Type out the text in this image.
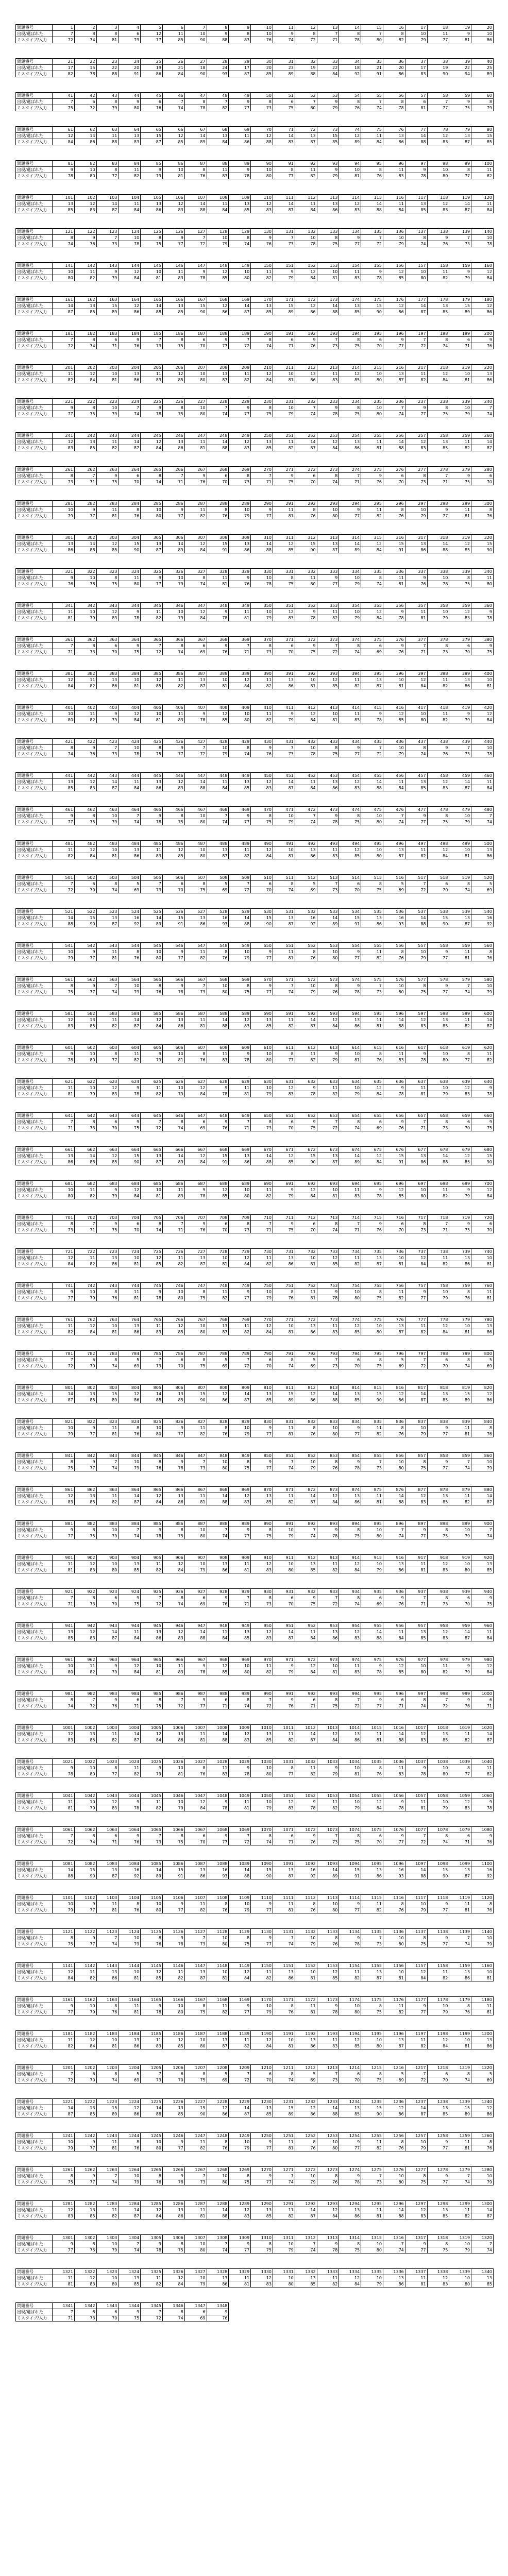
問題番号	1	2	3	4	5	6	7	8	9	10	11	12	13	14	15	16	17	18	19	20
出現/選ばれた	7	8	8	6	12	11	10	9	8	10	9	8	7	8	7	8	10	11	9	10
ミスタイプ/入力	72	74	81	79	77	85	90	88	83	76	74	72	71	78	80	82	79	77	81	86
問題番号	21	22	23	24	25	26	27	28	29	30	31	32	33	34	35	36	37	38	39	40
出現/選ばれた	17	15	22	20	19	21	18	24	17	20	23	19	22	18	21	20	17	19	22	25
ミスタイプ/入力	82	78	88	91	86	84	90	93	87	85	89	88	84	92	91	86	83	90	94	89
問題番号	41	42	43	44	45	46	47	48	49	50	51	52	53	54	55	56	57	58	59	60
出現/選ばれた	7	6	8	9	6	7	8	7	9	8	6	7	9	8	7	8	6	7	9	8
ミスタイプ/入力	75	72	79	80	76	74	78	82	77	73	75	80	79	76	74	78	81	77	75	79
問題番号	61	62	63	64	65	66	67	68	69	70	71	72	73	74	75	76	77	78	79	80
出現/選ばれた	12	14	11	13	15	12	14	13	11	12	14	13	15	12	11	13	14	12	13	15
ミスタイプ/入力	84	86	88	83	87	85	89	84	86	88	83	87	85	89	84	86	88	83	87	85
問題番号	81	82	83	84	85	86	87	88	89	90	91	92	93	94	95	96	97	98	99	100
出現/選ばれた	9	10	8	11	9	10	8	11	9	10	8	11	9	10	8	11	9	10	8	11
ミスタイプ/入力	78	80	77	82	79	81	76	83	78	80	77	82	79	81	76	83	78	80	77	82
問題番号	101	102	103	104	105	106	107	108	109	110	111	112	113	114	115	116	117	118	119	120
出現/選ばれた	13	12	14	11	13	12	14	11	13	12	14	11	13	12	14	11	13	12	14	11
ミスタイプ/入力	85	83	87	84	86	83	88	84	85	83	87	84	86	83	88	84	85	83	87	84
問題番号	121	122	123	124	125	126	127	128	129	130	131	132	133	134	135	136	137	138	139	140
出現/選ばれた	8	9	7	10	8	9	7	10	8	9	7	10	8	9	7	10	8	9	7	10
ミスタイプ/入力	74	76	73	78	75	77	72	79	74	76	73	78	75	77	72	79	74	76	73	78
問題番号	141	142	143	144	145	146	147	148	149	150	151	152	153	154	155	156	157	158	159	160
出現/選ばれた	10	11	9	12	10	11	9	12	10	11	9	12	10	11	9	12	10	11	9	12
ミスタイプ/入力	80	82	79	84	81	83	78	85	80	82	79	84	81	83	78	85	80	82	79	84
問題番号	161	162	163	164	165	166	167	168	169	170	171	172	173	174	175	176	177	178	179	180
出現/選ばれた	14	13	15	12	14	13	15	12	14	13	15	12	14	13	15	12	14	13	15	12
ミスタイプ/入力	87	85	89	86	88	85	90	86	87	85	89	86	88	85	90	86	87	85	89	86
問題番号	181	182	183	184	185	186	187	188	189	190	191	192	193	194	195	196	197	198	199	200
出現/選ばれた	7	8	6	9	7	8	6	9	7	8	6	9	7	8	6	9	7	8	6	9
ミスタイプ/入力	72	74	71	76	73	75	70	77	72	74	71	76	73	75	70	77	72	74	71	76
問題番号	201	202	203	204	205	206	207	208	209	210	211	212	213	214	215	216	217	218	219	220
出現/選ばれた	11	12	10	13	11	12	10	13	11	12	10	13	11	12	10	13	11	12	10	13
ミスタイプ/入力	82	84	81	86	83	85	80	87	82	84	81	86	83	85	80	87	82	84	81	86
問題番号	221	222	223	224	225	226	227	228	229	230	231	232	233	234	235	236	237	238	239	240
出現/選ばれた	9	8	10	7	9	8	10	7	9	8	10	7	9	8	10	7	9	8	10	7
ミスタイプ/入力	77	75	79	74	78	75	80	74	77	75	79	74	78	75	80	74	77	75	79	74
問題番号	241	242	243	244	245	246	247	248	249	250	251	252	253	254	255	256	257	258	259	260
出現/選ばれた	12	13	11	14	12	13	11	14	12	13	11	14	12	13	11	14	12	13	11	14
ミスタイプ/入力	83	85	82	87	84	86	81	88	83	85	82	87	84	86	81	88	83	85	82	87
問題番号	261	262	263	264	265	266	267	268	269	270	271	272	273	274	275	276	277	278	279	280
出現/選ばれた	8	7	9	6	8	7	9	6	8	7	9	6	8	7	9	6	8	7	9	6
ミスタイプ/入力	73	71	75	70	74	71	76	70	73	71	75	70	74	71	76	70	73	71	75	70
問題番号	281	282	283	284	285	286	287	288	289	290	291	292	293	294	295	296	297	298	299	300
出現/選ばれた	10	9	11	8	10	9	11	8	10	9	11	8	10	9	11	8	10	9	11	8
ミスタイプ/入力	79	77	81	76	80	77	82	76	79	77	81	76	80	77	82	76	79	77	81	76
問題番号	301	302	303	304	305	306	307	308	309	310	311	312	313	314	315	316	317	318	319	320
出現/選ばれた	13	14	12	15	13	14	12	15	13	14	12	15	13	14	12	15	13	14	12	15
ミスタイプ/入力	86	88	85	90	87	89	84	91	86	88	85	90	87	89	84	91	86	88	85	90
問題番号	321	322	323	324	325	326	327	328	329	330	331	332	333	334	335	336	337	338	339	340
出現/選ばれた	9	10	8	11	9	10	8	11	9	10	8	11	9	10	8	11	9	10	8	11
ミスタイプ/入力	76	78	75	80	77	79	74	81	76	78	75	80	77	79	74	81	76	78	75	80
問題番号	341	342	343	344	345	346	347	348	349	350	351	352	353	354	355	356	357	358	359	360
出現/選ばれた	11	10	12	9	11	10	12	9	11	10	12	9	11	10	12	9	11	10	12	9
ミスタイプ/入力	81	79	83	78	82	79	84	78	81	79	83	78	82	79	84	78	81	79	83	78
問題番号	361	362	363	364	365	366	367	368	369	370	371	372	373	374	375	376	377	378	379	380
出現/選ばれた	7	8	6	9	7	8	6	9	7	8	6	9	7	8	6	9	7	8	6	9
ミスタイプ/入力	71	73	70	75	72	74	69	76	71	73	70	75	72	74	69	76	71	73	70	75
問題番号	381	382	383	384	385	386	387	388	389	390	391	392	393	394	395	396	397	398	399	400
出現/選ばれた	12	11	13	10	12	11	13	10	12	11	13	10	12	11	13	10	12	11	13	10
ミスタイプ/入力	84	82	86	81	85	82	87	81	84	82	86	81	85	82	87	81	84	82	86	81
問題番号	401	402	403	404	405	406	407	408	409	410	411	412	413	414	415	416	417	418	419	420
出現/選ばれた	10	11	9	12	10	11	9	12	10	11	9	12	10	11	9	12	10	11	9	12
ミスタイプ/入力	80	82	79	84	81	83	78	85	80	82	79	84	81	83	78	85	80	82	79	84
問題番号	421	422	423	424	425	426	427	428	429	430	431	432	433	434	435	436	437	438	439	440
出現/選ばれた	8	9	7	10	8	9	7	10	8	9	7	10	8	9	7	10	8	9	7	10
ミスタイプ/入力	74	76	73	78	75	77	72	79	74	76	73	78	75	77	72	79	74	76	73	78
問題番号	441	442	443	444	445	446	447	448	449	450	451	452	453	454	455	456	457	458	459	460
出現/選ばれた	13	12	14	11	13	12	14	11	13	12	14	11	13	12	14	11	13	12	14	11
ミスタイプ/入力	85	83	87	84	86	83	88	84	85	83	87	84	86	83	88	84	85	83	87	84
問題番号	461	462	463	464	465	466	467	468	469	470	471	472	473	474	475	476	477	478	479	480
出現/選ばれた	9	8	10	7	9	8	10	7	9	8	10	7	9	8	10	7	9	8	10	7
ミスタイプ/入力	77	75	79	74	78	75	80	74	77	75	79	74	78	75	80	74	77	75	79	74
問題番号	481	482	483	484	485	486	487	488	489	490	491	492	493	494	495	496	497	498	499	500
出現/選ばれた	11	12	10	13	11	12	10	13	11	12	10	13	11	12	10	13	11	12	10	13
ミスタイプ/入力	82	84	81	86	83	85	80	87	82	84	81	86	83	85	80	87	82	84	81	86
問題番号	501	502	503	504	505	506	507	508	509	510	511	512	513	514	515	516	517	518	519	520
出現/選ばれた	7	6	8	5	7	6	8	5	7	6	8	5	7	6	8	5	7	6	8	5
ミスタイプ/入力	72	70	74	69	73	70	75	69	72	70	74	69	73	70	75	69	72	70	74	69
問題番号	521	522	523	524	525	526	527	528	529	530	531	532	533	534	535	536	537	538	539	540
出現/選ばれた	14	15	13	16	14	15	13	16	14	15	13	16	14	15	13	16	14	15	13	16
ミスタイプ/入力	88	90	87	92	89	91	86	93	88	90	87	92	89	91	86	93	88	90	87	92
問題番号	541	542	543	544	545	546	547	548	549	550	551	552	553	554	555	556	557	558	559	560
出現/選ばれた	10	9	11	8	10	9	11	8	10	9	11	8	10	9	11	8	10	9	11	8
ミスタイプ/入力	79	77	81	76	80	77	82	76	79	77	81	76	80	77	82	76	79	77	81	76
問題番号	561	562	563	564	565	566	567	568	569	570	571	572	573	574	575	576	577	578	579	580
出現/選ばれた	8	9	7	10	8	9	7	10	8	9	7	10	8	9	7	10	8	9	7	10
ミスタイプ/入力	75	77	74	79	76	78	73	80	75	77	74	79	76	78	73	80	75	77	74	79
問題番号	581	582	583	584	585	586	587	588	589	590	591	592	593	594	595	596	597	598	599	600
出現/選ばれた	12	13	11	14	12	13	11	14	12	13	11	14	12	13	11	14	12	13	11	14
ミスタイプ/入力	83	85	82	87	84	86	81	88	83	85	82	87	84	86	81	88	83	85	82	87
問題番号	601	602	603	604	605	606	607	608	609	610	611	612	613	614	615	616	617	618	619	620
出現/選ばれた	9	10	8	11	9	10	8	11	9	10	8	11	9	10	8	11	9	10	8	11
ミスタイプ/入力	78	80	77	82	79	81	76	83	78	80	77	82	79	81	76	83	78	80	77	82
問題番号	621	622	623	624	625	626	627	628	629	630	631	632	633	634	635	636	637	638	639	640
出現/選ばれた	11	10	12	9	11	10	12	9	11	10	12	9	11	10	12	9	11	10	12	9
ミスタイプ/入力	81	79	83	78	82	79	84	78	81	79	83	78	82	79	84	78	81	79	83	78
問題番号	641	642	643	644	645	646	647	648	649	650	651	652	653	654	655	656	657	658	659	660
出現/選ばれた	7	8	6	9	7	8	6	9	7	8	6	9	7	8	6	9	7	8	6	9
ミスタイプ/入力	71	73	70	75	72	74	69	76	71	73	70	75	72	74	69	76	71	73	70	75
問題番号	661	662	663	664	665	666	667	668	669	670	671	672	673	674	675	676	677	678	679	680
出現/選ばれた	13	14	12	15	13	14	12	15	13	14	12	15	13	14	12	15	13	14	12	15
ミスタイプ/入力	86	88	85	90	87	89	84	91	86	88	85	90	87	89	84	91	86	88	85	90
問題番号	681	682	683	684	685	686	687	688	689	690	691	692	693	694	695	696	697	698	699	700
出現/選ばれた	10	11	9	12	10	11	9	12	10	11	9	12	10	11	9	12	10	11	9	12
ミスタイプ/入力	80	82	79	84	81	83	78	85	80	82	79	84	81	83	78	85	80	82	79	84
問題番号	701	702	703	704	705	706	707	708	709	710	711	712	713	714	715	716	717	718	719	720
出現/選ばれた	8	7	9	6	8	7	9	6	8	7	9	6	8	7	9	6	8	7	9	6
ミスタイプ/入力	73	71	75	70	74	71	76	70	73	71	75	70	74	71	76	70	73	71	75	70
問題番号	721	722	723	724	725	726	727	728	729	730	731	732	733	734	735	736	737	738	739	740
出現/選ばれた	12	11	13	10	12	11	13	10	12	11	13	10	12	11	13	10	12	11	13	10
ミスタイプ/入力	84	82	86	81	85	82	87	81	84	82	86	81	85	82	87	81	84	82	86	81
問題番号	741	742	743	744	745	746	747	748	749	750	751	752	753	754	755	756	757	758	759	760
出現/選ばれた	9	10	8	11	9	10	8	11	9	10	8	11	9	10	8	11	9	10	8	11
ミスタイプ/入力	77	79	76	81	78	80	75	82	77	79	76	81	78	80	75	82	77	79	76	81
問題番号	761	762	763	764	765	766	767	768	769	770	771	772	773	774	775	776	777	778	779	780
出現/選ばれた	11	12	10	13	11	12	10	13	11	12	10	13	11	12	10	13	11	12	10	13
ミスタイプ/入力	82	84	81	86	83	85	80	87	82	84	81	86	83	85	80	87	82	84	81	86
問題番号	781	782	783	784	785	786	787	788	789	790	791	792	793	794	795	796	797	798	799	800
出現/選ばれた	7	6	8	5	7	6	8	5	7	6	8	5	7	6	8	5	7	6	8	5
ミスタイプ/入力	72	70	74	69	73	70	75	69	72	70	74	69	73	70	75	69	72	70	74	69
問題番号	801	802	803	804	805	806	807	808	809	810	811	812	813	814	815	816	817	818	819	820
出現/選ばれた	14	13	15	12	14	13	15	12	14	13	15	12	14	13	15	12	14	13	15	12
ミスタイプ/入力	87	85	89	86	88	85	90	86	87	85	89	86	88	85	90	86	87	85	89	86
問題番号	821	822	823	824	825	826	827	828	829	830	831	832	833	834	835	836	837	838	839	840
出現/選ばれた	10	9	11	8	10	9	11	8	10	9	11	8	10	9	11	8	10	9	11	8
ミスタイプ/入力	79	77	81	76	80	77	82	76	79	77	81	76	80	77	82	76	79	77	81	76
問題番号	841	842	843	844	845	846	847	848	849	850	851	852	853	854	855	856	857	858	859	860
出現/選ばれた	8	9	7	10	8	9	7	10	8	9	7	10	8	9	7	10	8	9	7	10
ミスタイプ/入力	75	77	74	79	76	78	73	80	75	77	74	79	76	78	73	80	75	77	74	79
問題番号	861	862	863	864	865	866	867	868	869	870	871	872	873	874	875	876	877	878	879	880
出現/選ばれた	12	13	11	14	12	13	11	14	12	13	11	14	12	13	11	14	12	13	11	14
ミスタイプ/入力	83	85	82	87	84	86	81	88	83	85	82	87	84	86	81	88	83	85	82	87
問題番号	881	882	883	884	885	886	887	888	889	890	891	892	893	894	895	896	897	898	899	900
出現/選ばれた	9	8	10	7	9	8	10	7	9	8	10	7	9	8	10	7	9	8	10	7
ミスタイプ/入力	77	75	79	74	78	75	80	74	77	75	79	74	78	75	80	74	77	75	79	74
問題番号	901	902	903	904	905	906	907	908	909	910	911	912	913	914	915	916	917	918	919	920
出現/選ばれた	11	12	10	13	11	12	10	13	11	12	10	13	11	12	10	13	11	12	10	13
ミスタイプ/入力	81	83	80	85	82	84	79	86	81	83	80	85	82	84	79	86	81	83	80	85
問題番号	921	922	923	924	925	926	927	928	929	930	931	932	933	934	935	936	937	938	939	940
出現/選ばれた	7	8	6	9	7	8	6	9	7	8	6	9	7	8	6	9	7	8	6	9
ミスタイプ/入力	71	73	70	75	72	74	69	76	71	73	70	75	72	74	69	76	71	73	70	75
問題番号	941	942	943	944	945	946	947	948	949	950	951	952	953	954	955	956	957	958	959	960
出現/選ばれた	13	12	14	11	13	12	14	11	13	12	14	11	13	12	14	11	13	12	14	11
ミスタイプ/入力	85	83	87	84	86	83	88	84	85	83	87	84	86	83	88	84	85	83	87	84
問題番号	961	962	963	964	965	966	967	968	969	970	971	972	973	974	975	976	977	978	979	980
出現/選ばれた	10	11	9	12	10	11	9	12	10	11	9	12	10	11	9	12	10	11	9	12
ミスタイプ/入力	80	82	79	84	81	83	78	85	80	82	79	84	81	83	78	85	80	82	79	84
問題番号	981	982	983	984	985	986	987	988	989	990	991	992	993	994	995	996	997	998	999	1000
出現/選ばれた	8	7	9	6	8	7	9	6	8	7	9	6	8	7	9	6	8	7	9	6
ミスタイプ/入力	74	72	76	71	75	72	77	71	74	72	76	71	75	72	77	71	74	72	76	71
問題番号	1001	1002	1003	1004	1005	1006	1007	1008	1009	1010	1011	1012	1013	1014	1015	1016	1017	1018	1019	1020
出現/選ばれた	12	13	11	14	12	13	11	14	12	13	11	14	12	13	11	14	12	13	11	14
ミスタイプ/入力	83	85	82	87	84	86	81	88	83	85	82	87	84	86	81	88	83	85	82	87
問題番号	1021	1022	1023	1024	1025	1026	1027	1028	1029	1030	1031	1032	1033	1034	1035	1036	1037	1038	1039	1040
出現/選ばれた	9	10	8	11	9	10	8	11	9	10	8	11	9	10	8	11	9	10	8	11
ミスタイプ/入力	78	80	77	82	79	81	76	83	78	80	77	82	79	81	76	83	78	80	77	82
問題番号	1041	1042	1043	1044	1045	1046	1047	1048	1049	1050	1051	1052	1053	1054	1055	1056	1057	1058	1059	1060
出現/選ばれた	11	10	12	9	11	10	12	9	11	10	12	9	11	10	12	9	11	10	12	9
ミスタイプ/入力	81	79	83	78	82	79	84	78	81	79	83	78	82	79	84	78	81	79	83	78
問題番号	1061	1062	1063	1064	1065	1066	1067	1068	1069	1070	1071	1072	1073	1074	1075	1076	1077	1078	1079	1080
出現/選ばれた	7	8	6	9	7	8	6	9	7	8	6	9	7	8	6	9	7	8	6	9
ミスタイプ/入力	72	74	71	76	73	75	70	77	72	74	71	76	73	75	70	77	72	74	71	76
問題番号	1081	1082	1083	1084	1085	1086	1087	1088	1089	1090	1091	1092	1093	1094	1095	1096	1097	1098	1099	1100
出現/選ばれた	14	15	13	16	14	15	13	16	14	15	13	16	14	15	13	16	14	15	13	16
ミスタイプ/入力	88	90	87	92	89	91	86	93	88	90	87	92	89	91	86	93	88	90	87	92
問題番号	1101	1102	1103	1104	1105	1106	1107	1108	1109	1110	1111	1112	1113	1114	1115	1116	1117	1118	1119	1120
出現/選ばれた	10	9	11	8	10	9	11	8	10	9	11	8	10	9	11	8	10	9	11	8
ミスタイプ/入力	79	77	81	76	80	77	82	76	79	77	81	76	80	77	82	76	79	77	81	76
問題番号	1121	1122	1123	1124	1125	1126	1127	1128	1129	1130	1131	1132	1133	1134	1135	1136	1137	1138	1139	1140
出現/選ばれた	8	9	7	10	8	9	7	10	8	9	7	10	8	9	7	10	8	9	7	10
ミスタイプ/入力	75	77	74	79	76	78	73	80	75	77	74	79	76	78	73	80	75	77	74	79
問題番号	1141	1142	1143	1144	1145	1146	1147	1148	1149	1150	1151	1152	1153	1154	1155	1156	1157	1158	1159	1160
出現/選ばれた	12	11	13	10	12	11	13	10	12	11	13	10	12	11	13	10	12	11	13	10
ミスタイプ/入力	84	82	86	81	85	82	87	81	84	82	86	81	85	82	87	81	84	82	86	81
問題番号	1161	1162	1163	1164	1165	1166	1167	1168	1169	1170	1171	1172	1173	1174	1175	1176	1177	1178	1179	1180
出現/選ばれた	9	10	8	11	9	10	8	11	9	10	8	11	9	10	8	11	9	10	8	11
ミスタイプ/入力	77	79	76	81	78	80	75	82	77	79	76	81	78	80	75	82	77	79	76	81
問題番号	1181	1182	1183	1184	1185	1186	1187	1188	1189	1190	1191	1192	1193	1194	1195	1196	1197	1198	1199	1200
出現/選ばれた	11	12	10	13	11	12	10	13	11	12	10	13	11	12	10	13	11	12	10	13
ミスタイプ/入力	82	84	81	86	83	85	80	87	82	84	81	86	83	85	80	87	82	84	81	86
問題番号	1201	1202	1203	1204	1205	1206	1207	1208	1209	1210	1211	1212	1213	1214	1215	1216	1217	1218	1219	1220
出現/選ばれた	7	6	8	5	7	6	8	5	7	6	8	5	7	6	8	5	7	6	8	5
ミスタイプ/入力	72	70	74	69	73	70	75	69	72	70	74	69	73	70	75	69	72	70	74	69
問題番号	1221	1222	1223	1224	1225	1226	1227	1228	1229	1230	1231	1232	1233	1234	1235	1236	1237	1238	1239	1240
出現/選ばれた	14	13	15	12	14	13	15	12	14	13	15	12	14	13	15	12	14	13	15	12
ミスタイプ/入力	87	85	89	86	88	85	90	86	87	85	89	86	88	85	90	86	87	85	89	86
問題番号	1241	1242	1243	1244	1245	1246	1247	1248	1249	1250	1251	1252	1253	1254	1255	1256	1257	1258	1259	1260
出現/選ばれた	10	9	11	8	10	9	11	8	10	9	11	8	10	9	11	8	10	9	11	8
ミスタイプ/入力	79	77	81	76	80	77	82	76	79	77	81	76	80	77	82	76	79	77	81	76
問題番号	1261	1262	1263	1264	1265	1266	1267	1268	1269	1270	1271	1272	1273	1274	1275	1276	1277	1278	1279	1280
出現/選ばれた	8	9	7	10	8	9	7	10	8	9	7	10	8	9	7	10	8	9	7	10
ミスタイプ/入力	75	77	74	79	76	78	73	80	75	77	74	79	76	78	73	80	75	77	74	79
問題番号	1281	1282	1283	1284	1285	1286	1287	1288	1289	1290	1291	1292	1293	1294	1295	1296	1297	1298	1299	1300
出現/選ばれた	12	13	11	14	12	13	11	14	12	13	11	14	12	13	11	14	12	13	11	14
ミスタイプ/入力	83	85	82	87	84	86	81	88	83	85	82	87	84	86	81	88	83	85	82	87
問題番号	1301	1302	1303	1304	1305	1306	1307	1308	1309	1310	1311	1312	1313	1314	1315	1316	1317	1318	1319	1320
出現/選ばれた	9	8	10	7	9	8	10	7	9	8	10	7	9	8	10	7	9	8	10	7
ミスタイプ/入力	77	75	79	74	78	75	80	74	77	75	79	74	78	75	80	74	77	75	79	74
問題番号	1321	1322	1323	1324	1325	1326	1327	1328	1329	1330	1331	1332	1333	1334	1335	1336	1337	1338	1339	1340
出現/選ばれた	11	12	10	13	11	12	10	13	11	12	10	13	11	12	10	13	11	12	10	13
ミスタイプ/入力	81	83	80	85	82	84	79	86	81	83	80	85	82	84	79	86	81	83	80	85
問題番号	1341	1342	1343	1344	1345	1346	1347	1348												
出現/選ばれた	7	8	6	9	7	8	6	9												
ミスタイプ/入力	71	73	70	75	72	74	69	76												
